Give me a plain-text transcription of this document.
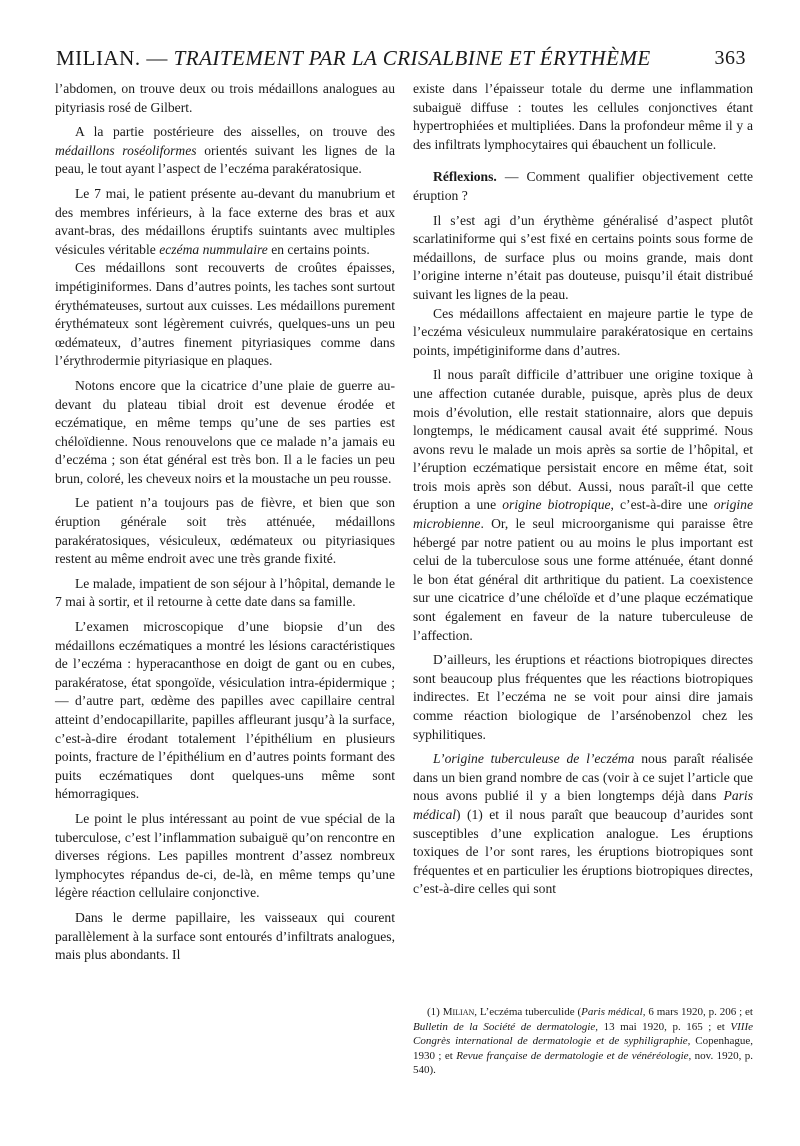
MILIAN. — TRAITEMENT PAR LA CRISALBINE ET ÉRYTHÈME	363

l’abdomen, on trouve deux ou trois médaillons analogues au pityriasis rosé de Gilbert.

A la partie postérieure des aisselles, on trouve des médaillons roséoliformes orientés suivant les lignes de la peau, le tout ayant l’aspect de l’eczéma parakératosique.

Le 7 mai, le patient présente au-devant du manubrium et des membres inférieurs, à la face externe des bras et aux avant-bras, des médaillons éruptifs suintants avec multiples vésicules véritable eczéma nummulaire en certains points.

Ces médaillons sont recouverts de croûtes épaisses, impétiginiformes. Dans d’autres points, les taches sont surtout érythémateuses, surtout aux cuisses. Les médaillons purement érythémateux sont légèrement cuivrés, quelques-uns un peu œdémateux, d’autres finement pityriasiques comme dans l’érythrodermie pityriasique en plaques.

Notons encore que la cicatrice d’une plaie de guerre au-devant du plateau tibial droit est devenue érodée et eczématique, en même temps qu’une de ses parties est chéloïdienne. Nous renouvelons que ce malade n’a jamais eu d’eczéma ; son état général est très bon. Il a le facies un peu brun, coloré, les cheveux noirs et la moustache un peu rousse.

Le patient n’a toujours pas de fièvre, et bien que son éruption générale soit très atténuée, médaillons parakératosiques, vésiculeux, œdémateux ou pityriasiques restent au même endroit avec une très grande fixité.

Le malade, impatient de son séjour à l’hôpital, demande le 7 mai à sortir, et il retourne à cette date dans sa famille.

L’examen microscopique d’une biopsie d’un des médaillons eczématiques a montré les lésions caractéristiques de l’eczéma : hyperacanthose en doigt de gant ou en cubes, parakératose, état spongoïde, vésiculation intra-épidermique ; — d’autre part, œdème des papilles avec capillaire central atteint d’endocapillarite, papilles affleurant jusqu’à la surface, c’est-à-dire érodant totalement l’épithélium en plusieurs points, fracture de l’épithélium en d’autres points formant des puits eczématiques dont quelques-uns même sont hémorragiques.

Le point le plus intéressant au point de vue spécial de la tuberculose, c’est l’inflammation subaiguë qu’on rencontre en diverses régions. Les papilles montrent d’assez nombreux lymphocytes répandus de-ci, de-là, en même temps qu’une légère réaction cellulaire conjonctive.

Dans le derme papillaire, les vaisseaux qui courent parallèlement à la surface sont entourés d’infiltrats analogues, mais plus abondants. Il

existe dans l’épaisseur totale du derme une inflammation subaiguë diffuse : toutes les cellules conjonctives étant hypertrophiées et multipliées. Dans la profondeur même il y a des infiltrats lymphocytaires qui ébauchent un follicule.

Réflexions. — Comment qualifier objectivement cette éruption ?

Il s’est agi d’un érythème généralisé d’aspect plutôt scarlatiniforme qui s’est fixé en certains points sous forme de médaillons, de surface plus ou moins grande, mais dont l’origine interne n’était pas douteuse, puisqu’il était distribué suivant les lignes de la peau.

Ces médaillons affectaient en majeure partie le type de l’eczéma vésiculeux nummulaire parakératosique en certains points, impétiginiforme dans d’autres.

Il nous paraît difficile d’attribuer une origine toxique à une affection cutanée durable, puisque, après plus de deux mois d’évolution, elle restait stationnaire, alors que depuis longtemps, le médicament causal avait été supprimé. Nous avons revu le malade un mois après sa sortie de l’hôpital, et l’éruption eczématique persistait encore en même état, soit trois mois après son début. Aussi, nous paraît-il que cette éruption a une origine biotropique, c’est-à-dire une origine microbienne. Or, le seul microorganisme qui paraisse être hébergé par notre patient ou au moins le plus important est celui de la tuberculose sous une forme atténuée, étant donné le bon état général dit arthritique du patient. La coexistence sur une cicatrice d’une chéloïde et d’une plaque eczématique sont également en faveur de la nature tuberculeuse de l’affection.

D’ailleurs, les éruptions et réactions biotropiques directes sont beaucoup plus fréquentes que les réactions biotropiques indirectes. Et l’eczéma ne se voit pour ainsi dire jamais comme réaction biologique de l’arsénobenzol chez les syphilitiques.

L’origine tuberculeuse de l’eczéma nous paraît réalisée dans un bien grand nombre de cas (voir à ce sujet l’article que nous avons publié il y a bien longtemps déjà dans Paris médical) (1) et il nous paraît que beaucoup d’aurides sont susceptibles d’une explication analogue. Les éruptions toxiques de l’or sont rares, les éruptions biotropiques sont fréquentes et en particulier les éruptions biotropiques directes, c’est-à-dire celles qui sont

(1) Milian, L’eczéma tuberculide (Paris médical, 6 mars 1920, p. 206 ; et Bulletin de la Société de dermatologie, 13 mai 1920, p. 165 ; et VIIIe Congrès international de dermatologie et de syphiligraphie, Copenhague, 1930 ; et Revue française de dermatologie et de vénéréologie, nov. 1920, p. 540).
